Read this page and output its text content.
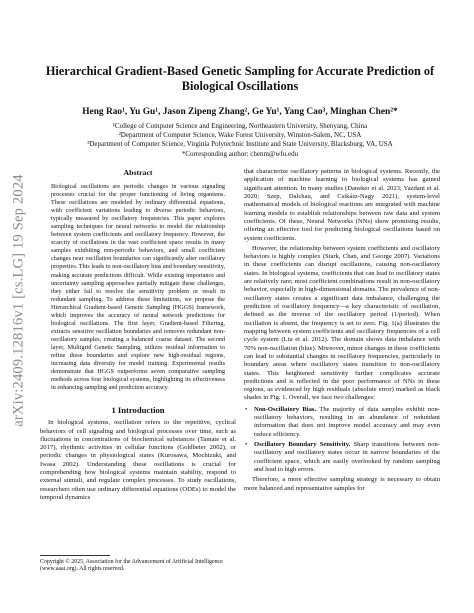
arXiv:2409.12816v1 [cs.LG] 19 Sep 2024
Hierarchical Gradient-Based Genetic Sampling for Accurate Prediction of Biological Oscillations
Heng Rao¹, Yu Gu¹, Jason Zipeng Zhang², Ge Yu¹, Yang Cao³, Minghan Chen²*
¹College of Computer Science and Engineering, Northeastern University, Shenyang, China
²Department of Computer Science, Wake Forest University, Winston-Salem, NC, USA
³Department of Computer Science, Virginia Polytechnic Institute and State University, Blacksburg, VA, USA
*Corresponding author: chenm@wfu.edu
Abstract

Biological oscillations are periodic changes in various signaling processes crucial for the proper functioning of living organisms. These oscillations are modeled by ordinary differential equations, with coefficient variations leading to diverse periodic behaviors, typically measured by oscillatory frequencies. This paper explores sampling techniques for neural networks to model the relationship between system coefficients and oscillatory frequency. However, the scarcity of oscillations in the vast coefficient space results in many samples exhibiting non-periodic behaviors, and small coefficient changes near oscillation boundaries can significantly alter oscillatory properties. This leads to non-oscillatory bias and boundary sensitivity, making accurate predictions difficult. While existing importance and uncertainty sampling approaches partially mitigate these challenges, they either fail to resolve the sensitivity problem or result in redundant sampling. To address these limitations, we propose the Hierarchical Gradient-based Genetic Sampling (HGGS) framework, which improves the accuracy of neural network predictions for biological oscillations. The first layer, Gradient-based Filtering, extracts sensitive oscillation boundaries and removes redundant non-oscillatory samples, creating a balanced coarse dataset. The second layer, Multigrid Genetic Sampling, utilizes residual information to refine these boundaries and explore new high-residual regions, increasing data diversity for model training. Experimental results demonstrate that HGGS outperforms seven comparative sampling methods across four biological systems, highlighting its effectiveness in enhancing sampling and prediction accuracy.

1 Introduction

In biological systems, oscillation refers to the repetitive, cyclical behaviors of cell signaling and biological processes over time, such as fluctuations in concentrations of biochemical substances (Tamate et al. 2017), rhythmic activities in cellular functions (Goldbeter 2002), or periodic changes in physiological states (Kurosawa, Mochizuki, and Iwasa 2002). Understanding these oscillations is crucial for comprehending how biological systems maintain stability, respond to external stimuli, and regulate complex processes. To study oscillations, researchers often use ordinary differential equations (ODEs) to model the temporal dynamics

Copyright © 2025, Association for the Advancement of Artificial Intelligence (www.aaai.org). All rights reserved.

that characterize oscillatory patterns in biological systems. Recently, the application of machine learning to biological systems has gained significant attention. In many studies (Daneker et al. 2023; Yazdani et al. 2020; Szep, Dalchau, and Csikász-Nagy 2021), system-level mathematical models of biological reactions are integrated with machine learning models to establish relationships between raw data and system coefficients. Of these, Neural Networks (NNs) show promising results, offering an effective tool for predicting biological oscillations based on system coefficients.

However, the relationship between system coefficients and oscillatory behaviors is highly complex (Stark, Chan, and George 2007). Variations in these coefficients can disrupt oscillations, causing non-oscillatory states. In biological systems, coefficients that can lead to oscillatory states are relatively rare; most coefficient combinations result in non-oscillatory behavior, especially in high-dimensional domains. The prevalence of non-oscillatory states creates a significant data imbalance, challenging the prediction of oscillatory frequency—a key characteristic of oscillation, defined as the inverse of the oscillatory period (1/period). When oscillation is absent, the frequency is set to zero. Fig. 1(a) illustrates the mapping between system coefficients and oscillatory frequencies of a cell cycle system (Liu et al. 2012). The domain shows data imbalance with 70% non-oscillation (blue). Moreover, minor changes in these coefficients can lead to substantial changes in oscillatory frequencies, particularly in boundary areas where oscillatory states transition to non-oscillatory states. This heightened sensitivity further complicates accurate predictions and is reflected in the poor performance of NNs in these regions, as evidenced by high residuals (absolute error) marked as black shades in Fig. 1. Overall, we face two challenges:

• Non-Oscillatory Bias. The majority of data samples exhibit non-oscillatory behaviors, resulting in an abundance of redundant information that does not improve model accuracy and may even reduce efficiency.
• Oscillatory Boundary Sensitivity. Sharp transitions between non-oscillatory and oscillatory states occur in narrow boundaries of the coefficient space, which are easily overlooked by random sampling and lead to high errors.

Therefore, a more effective sampling strategy is necessary to obtain more balanced and representative samples for
